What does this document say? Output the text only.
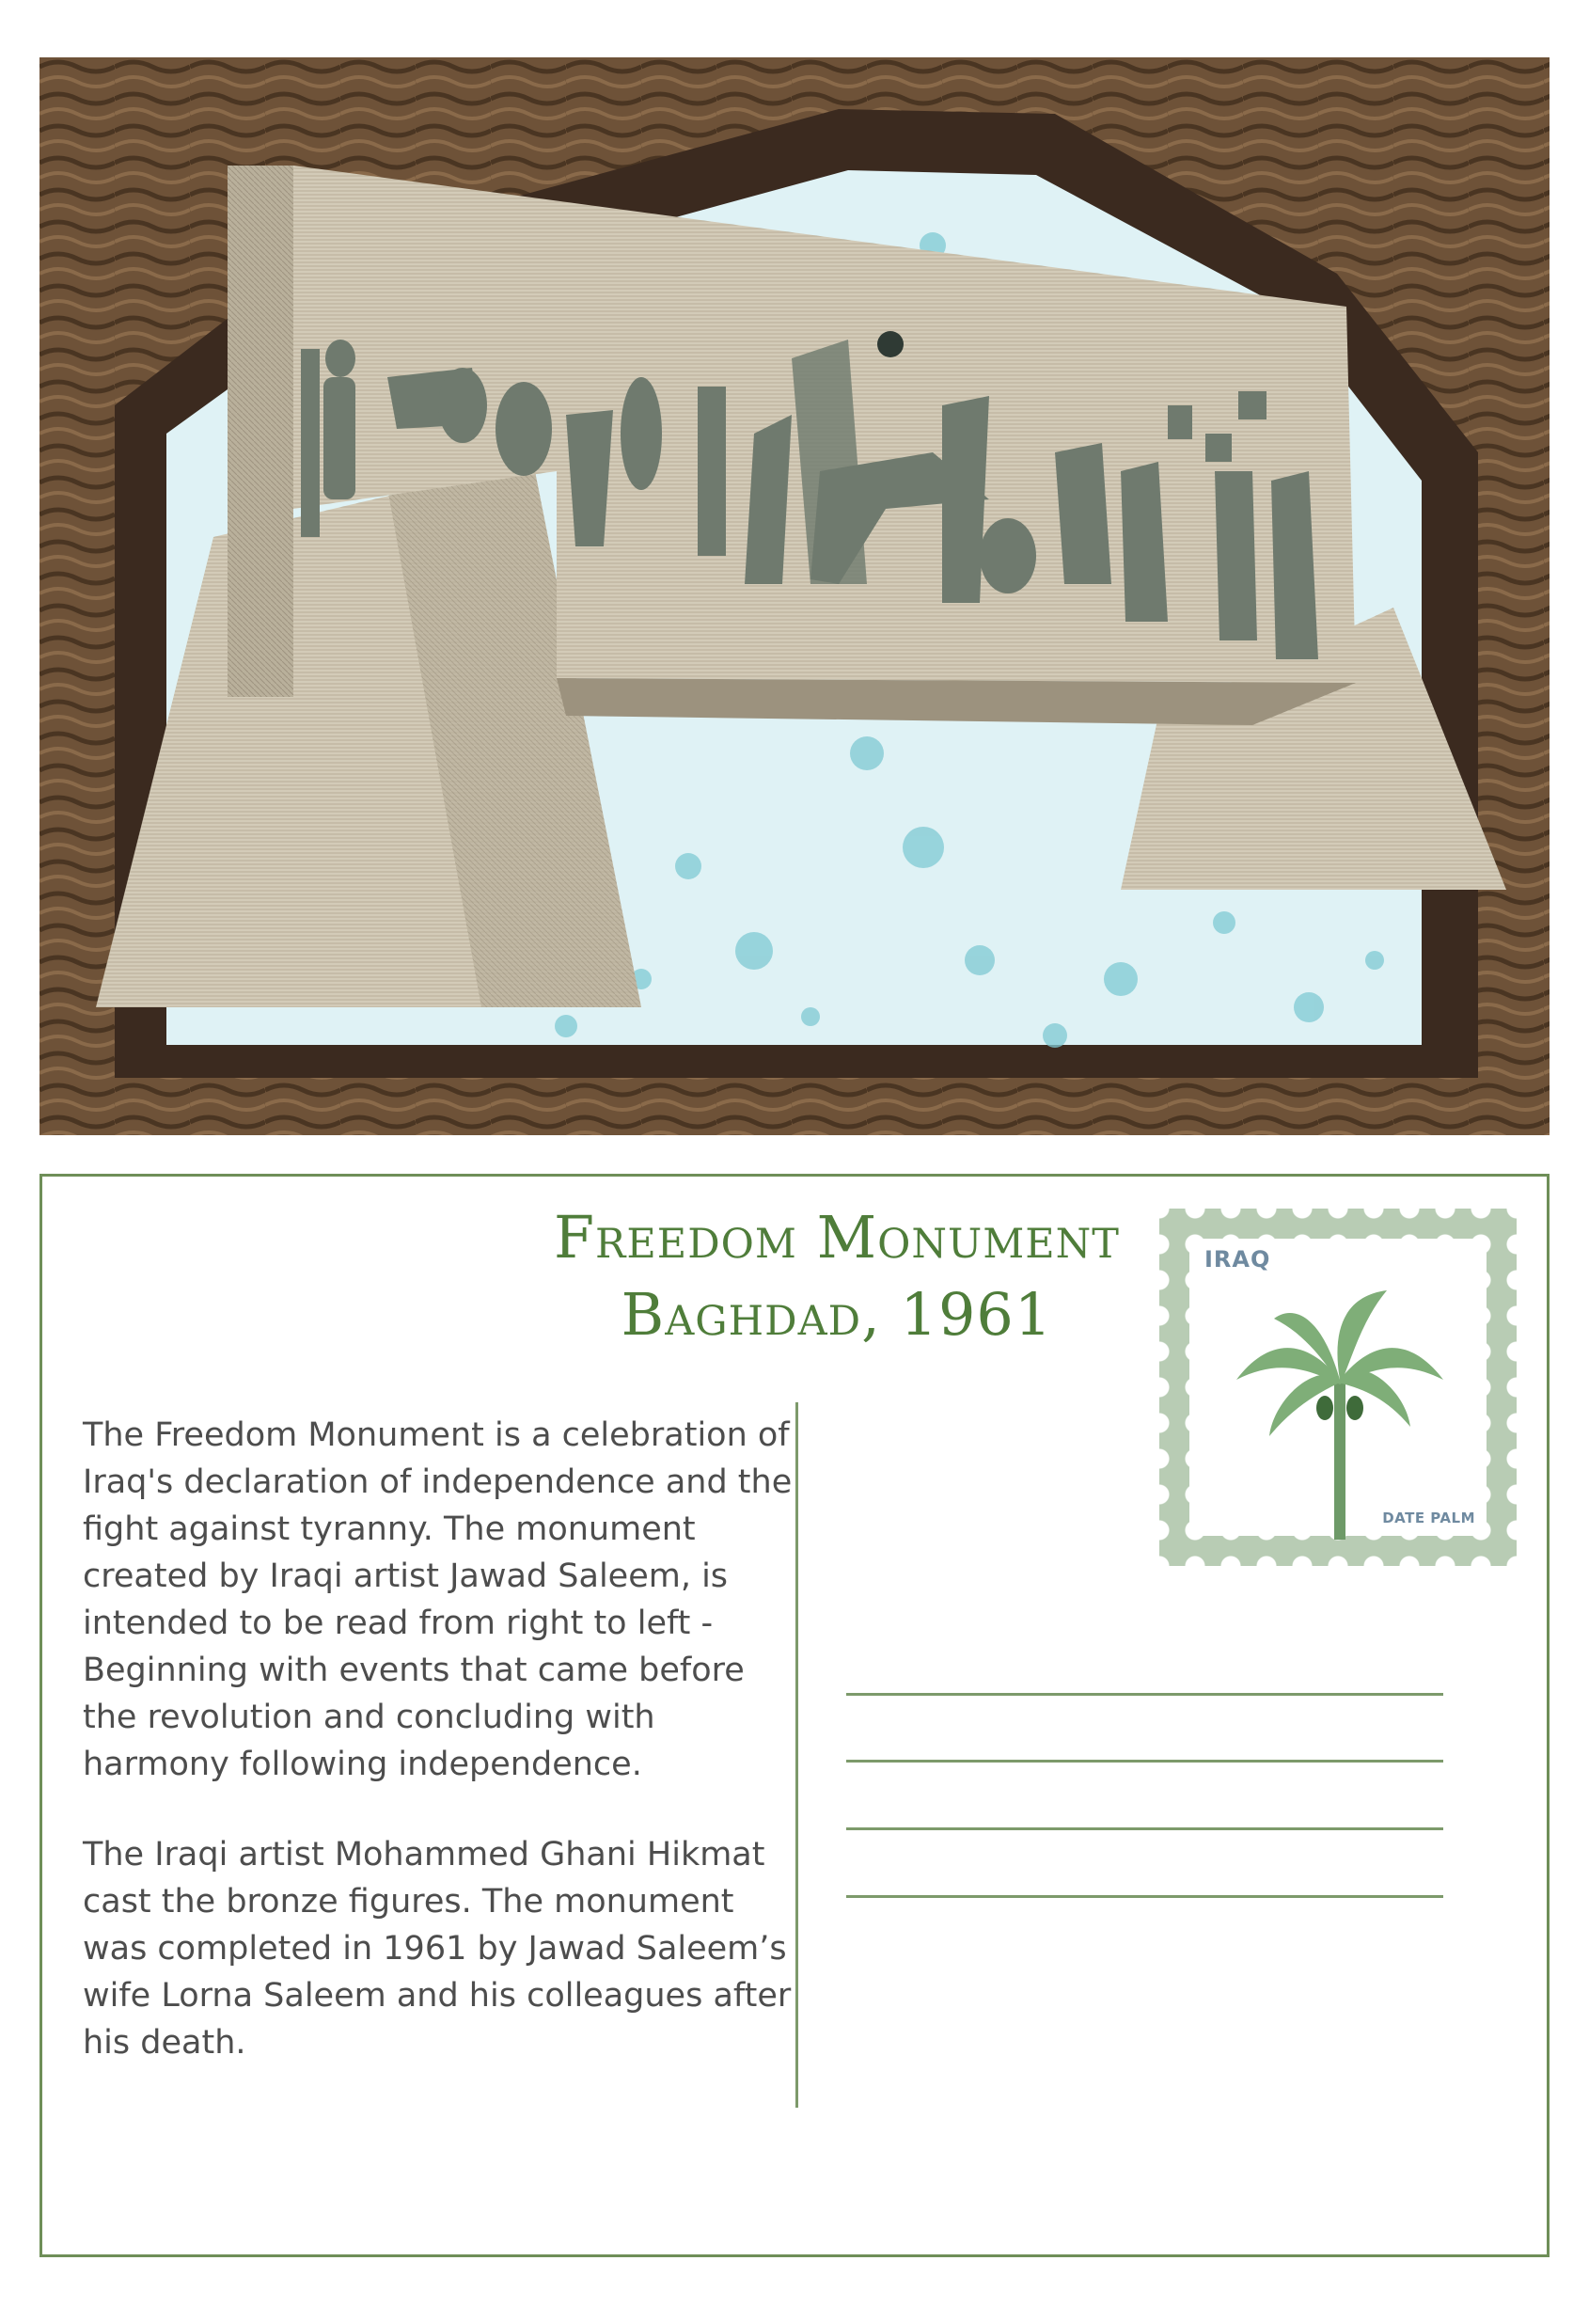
Freedom Monument
Baghdad, 1961
The Freedom Monument is a celebration of Iraq's declaration of independence and the fight against tyranny. The monument created by Iraqi artist Jawad Saleem, is intended to be read from right to left - Beginning with events that came before the revolution and concluding with harmony following independence.
The Iraqi artist Mohammed Ghani Hikmat cast the bronze figures. The monument was completed in 1961 by Jawad Saleem’s wife Lorna Saleem and his colleagues after his death.
IRAQ
DATE PALM
